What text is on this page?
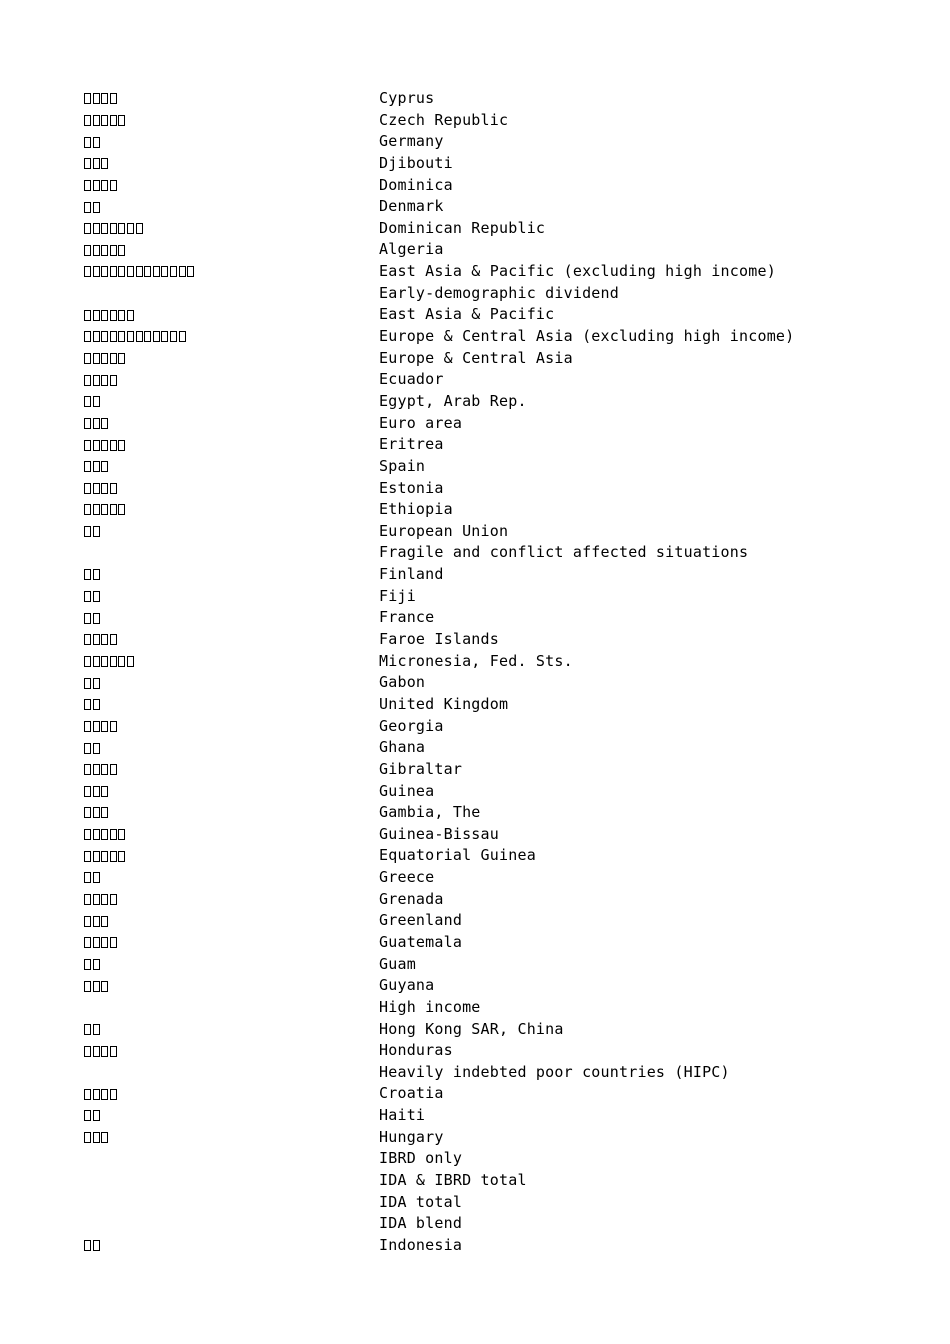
Cyprus
Czech Republic
Germany
Djibouti
Dominica
Denmark
Dominican Republic
Algeria
East Asia & Pacific (excluding high income)
Early-demographic dividend
East Asia & Pacific
Europe & Central Asia (excluding high income)
Europe & Central Asia
Ecuador
Egypt, Arab Rep.
Euro area
Eritrea
Spain
Estonia
Ethiopia
European Union
Fragile and conflict affected situations
Finland
Fiji
France
Faroe Islands
Micronesia, Fed. Sts.
Gabon
United Kingdom
Georgia
Ghana
Gibraltar
Guinea
Gambia, The
Guinea-Bissau
Equatorial Guinea
Greece
Grenada
Greenland
Guatemala
Guam
Guyana
High income
Hong Kong SAR, China
Honduras
Heavily indebted poor countries (HIPC)
Croatia
Haiti
Hungary
IBRD only
IDA & IBRD total
IDA total
IDA blend
Indonesia
